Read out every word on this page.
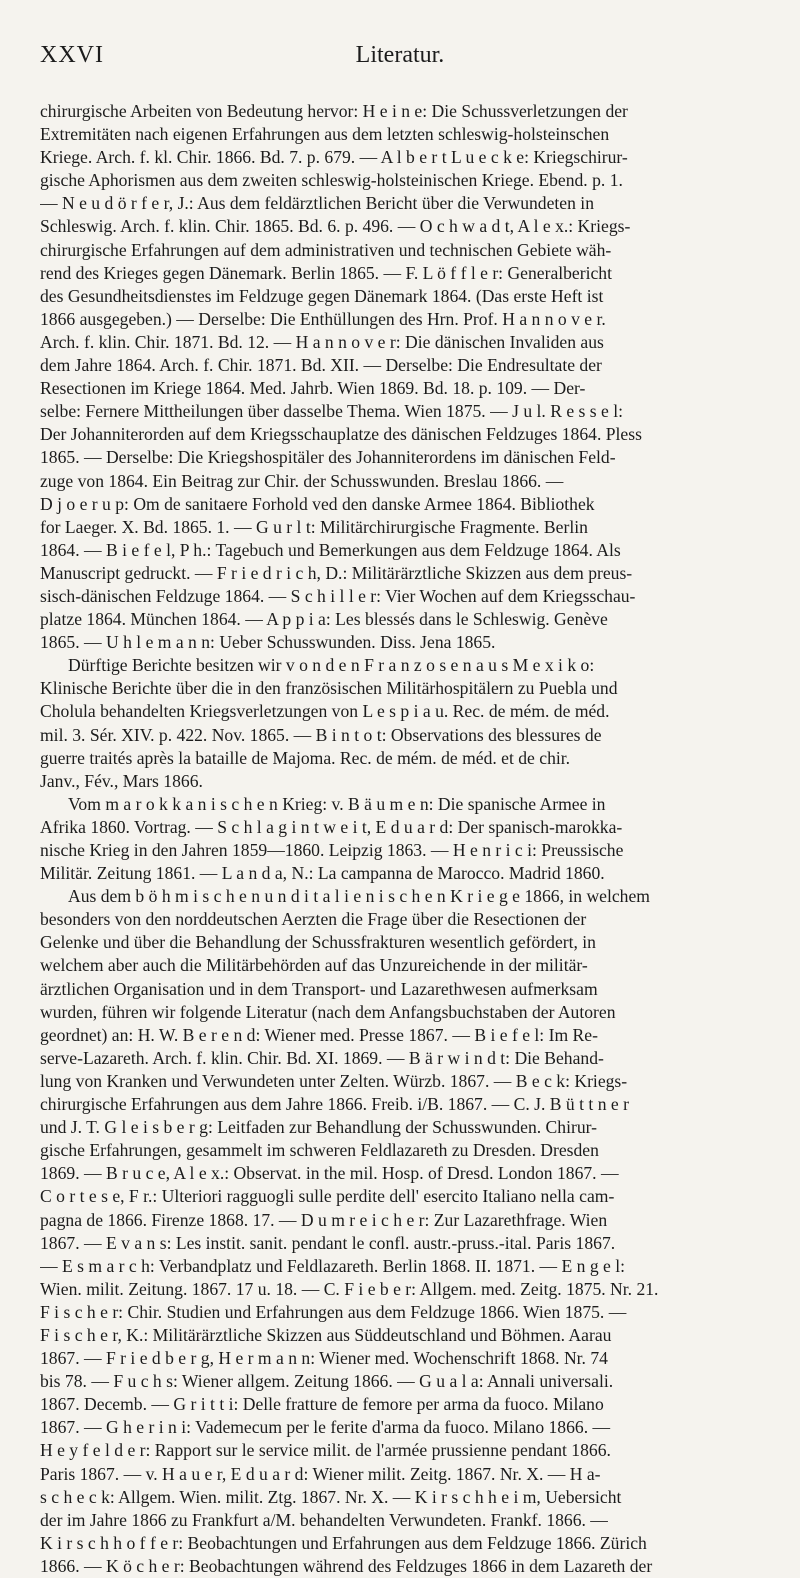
XXVI	Literatur.
chirurgische Arbeiten von Bedeutung hervor: H e i n e: Die Schussverletzungen der
Extremitäten nach eigenen Erfahrungen aus dem letzten schleswig-holsteinschen
Kriege. Arch. f. kl. Chir. 1866. Bd. 7. p. 679. — A l b e r t L u e c k e: Kriegschirur-
gische Aphorismen aus dem zweiten schleswig-holsteinischen Kriege. Ebend. p. 1.
— N e u d ö r f e r, J.: Aus dem feldärztlichen Bericht über die Verwundeten in
Schleswig. Arch. f. klin. Chir. 1865. Bd. 6. p. 496. — O c h w a d t, A l e x.: Kriegs-
chirurgische Erfahrungen auf dem administrativen und technischen Gebiete wäh-
rend des Krieges gegen Dänemark. Berlin 1865. — F. L ö f f l e r: Generalbericht
des Gesundheitsdienstes im Feldzuge gegen Dänemark 1864. (Das erste Heft ist
1866 ausgegeben.) — Derselbe: Die Enthüllungen des Hrn. Prof. H a n n o v e r.
Arch. f. klin. Chir. 1871. Bd. 12. — H a n n o v e r: Die dänischen Invaliden aus
dem Jahre 1864. Arch. f. Chir. 1871. Bd. XII. — Derselbe: Die Endresultate der
Resectionen im Kriege 1864. Med. Jahrb. Wien 1869. Bd. 18. p. 109. — Der-
selbe: Fernere Mittheilungen über dasselbe Thema. Wien 1875. — J u l. R e s s e l:
Der Johanniterorden auf dem Kriegsschauplatze des dänischen Feldzuges 1864. Pless
1865. — Derselbe: Die Kriegshospitäler des Johanniterordens im dänischen Feld-
zuge von 1864. Ein Beitrag zur Chir. der Schusswunden. Breslau 1866. —
D j o e r u p: Om de sanitaere Forhold ved den danske Armee 1864. Bibliothek
for Laeger. X. Bd. 1865. 1. — G u r l t: Militärchirurgische Fragmente. Berlin
1864. — B i e f e l, P h.: Tagebuch und Bemerkungen aus dem Feldzuge 1864. Als
Manuscript gedruckt. — F r i e d r i c h, D.: Militärärztliche Skizzen aus dem preus-
sisch-dänischen Feldzuge 1864. — S c h i l l e r: Vier Wochen auf dem Kriegsschau-
platze 1864. München 1864. — A p p i a: Les blessés dans le Schleswig. Genève
1865. — U h l e m a n n: Ueber Schusswunden. Diss. Jena 1865.
Dürftige Berichte besitzen wir v o n d e n F r a n z o s e n a u s M e x i k o:
Klinische Berichte über die in den französischen Militärhospitälern zu Puebla und
Cholula behandelten Kriegsverletzungen von L e s p i a u. Rec. de mém. de méd.
mil. 3. Sér. XIV. p. 422. Nov. 1865. — B i n t o t: Observations des blessures de
guerre traités après la bataille de Majoma. Rec. de mém. de méd. et de chir.
Janv., Fév., Mars 1866.
Vom m a r o k k a n i s c h e n Krieg: v. B ä u m e n: Die spanische Armee in
Afrika 1860. Vortrag. — S c h l a g i n t w e i t, E d u a r d: Der spanisch-marokka-
nische Krieg in den Jahren 1859—1860. Leipzig 1863. — H e n r i c i: Preussische
Militär. Zeitung 1861. — L a n d a, N.: La campanna de Marocco. Madrid 1860.
Aus dem b ö h m i s c h e n u n d i t a l i e n i s c h e n K r i e g e 1866, in welchem
besonders von den norddeutschen Aerzten die Frage über die Resectionen der
Gelenke und über die Behandlung der Schussfrakturen wesentlich gefördert, in
welchem aber auch die Militärbehörden auf das Unzureichende in der militär-
ärztlichen Organisation und in dem Transport- und Lazarethwesen aufmerksam
wurden, führen wir folgende Literatur (nach dem Anfangsbuchstaben der Autoren
geordnet) an: H. W. B e r e n d: Wiener med. Presse 1867. — B i e f e l: Im Re-
serve-Lazareth. Arch. f. klin. Chir. Bd. XI. 1869. — B ä r w i n d t: Die Behand-
lung von Kranken und Verwundeten unter Zelten. Würzb. 1867. — B e c k: Kriegs-
chirurgische Erfahrungen aus dem Jahre 1866. Freib. i/B. 1867. — C. J. B ü t t n e r
und J. T. G l e i s b e r g: Leitfaden zur Behandlung der Schusswunden. Chirur-
gische Erfahrungen, gesammelt im schweren Feldlazareth zu Dresden. Dresden
1869. — B r u c e, A l e x.: Observat. in the mil. Hosp. of Dresd. London 1867. —
C o r t e s e, F r.: Ulteriori ragguogli sulle perdite dell' esercito Italiano nella cam-
pagna de 1866. Firenze 1868. 17. — D u m r e i c h e r: Zur Lazarethfrage. Wien
1867. — E v a n s: Les instit. sanit. pendant le confl. austr.-pruss.-ital. Paris 1867.
— E s m a r c h: Verbandplatz und Feldlazareth. Berlin 1868. II. 1871. — E n g e l:
Wien. milit. Zeitung. 1867. 17 u. 18. — C. F i e b e r: Allgem. med. Zeitg. 1875. Nr. 21.
F i s c h e r: Chir. Studien und Erfahrungen aus dem Feldzuge 1866. Wien 1875. —
F i s c h e r, K.: Militärärztliche Skizzen aus Süddeutschland und Böhmen. Aarau
1867. — F r i e d b e r g, H e r m a n n: Wiener med. Wochenschrift 1868. Nr. 74
bis 78. — F u c h s: Wiener allgem. Zeitung 1866. — G u a l a: Annali universali.
1867. Decemb. — G r i t t i: Delle fratture de femore per arma da fuoco. Milano
1867. — G h e r i n i: Vademecum per le ferite d'arma da fuoco. Milano 1866. —
H e y f e l d e r: Rapport sur le service milit. de l'armée prussienne pendant 1866.
Paris 1867. — v. H a u e r, E d u a r d: Wiener milit. Zeitg. 1867. Nr. X. — H a-
s c h e c k: Allgem. Wien. milit. Ztg. 1867. Nr. X. — K i r s c h h e i m, Uebersicht
der im Jahre 1866 zu Frankfurt a/M. behandelten Verwundeten. Frankf. 1866. —
K i r s c h h o f f e r: Beobachtungen und Erfahrungen aus dem Feldzuge 1866. Zürich
1866. — K ö c h e r: Beobachtungen während des Feldzuges 1866 in dem Lazareth der
